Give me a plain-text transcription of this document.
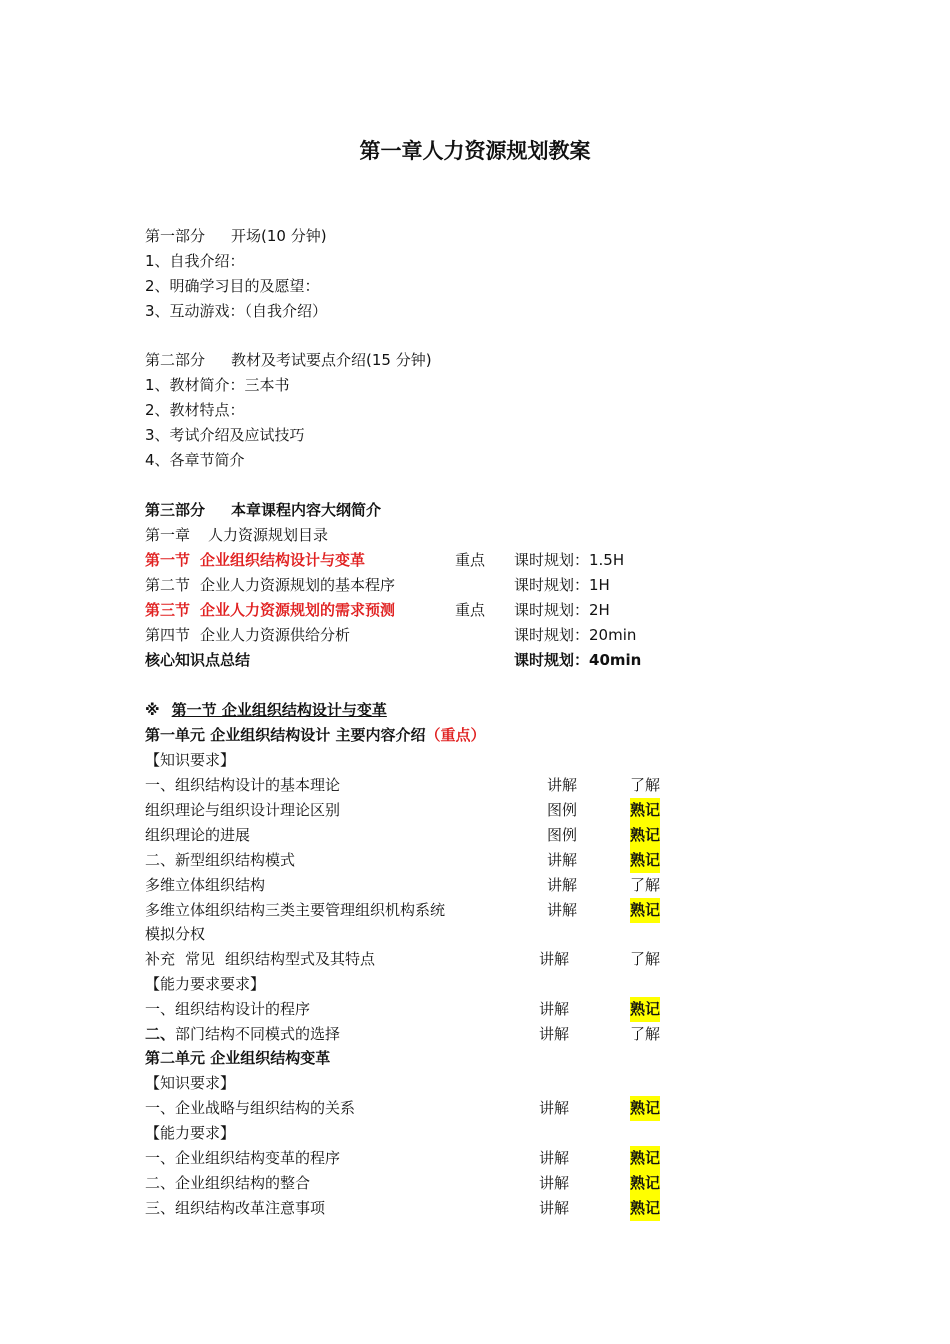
第一章人力资源规划教案
第一部分 开场(10 分钟)
1、自我介绍：
2、明确学习目的及愿望：
3、互动游戏：（自我介绍）
第二部分 教材及考试要点介绍(15 分钟)
1、教材简介：三本书
2、教材特点：
3、考试介绍及应试技巧
4、各章节简介
第三部分 本章课程内容大纲简介
第一章 人力资源规划目录
第一节 企业组织结构设计与变革	重点 课时规划：1.5H
第二节 企业人力资源规划的基本程序	课时规划：1H
第三节 企业人力资源规划的需求预测	重点 课时规划：2H
第四节 企业人力资源供给分析	课时规划：20min
核心知识点总结	课时规划：40min
※ 第一节 企业组织结构设计与变革
第一单元 企业组织结构设计 主要内容介绍（重点）
【知识要求】
一、组织结构设计的基本理论	讲解	了解
组织理论与组织设计理论区别	图例	熟记
组织理论的进展	图例	熟记
二、新型组织结构模式	讲解	熟记
多维立体组织结构	讲解	了解
多维立体组织结构三类主要管理组织机构系统	讲解	熟记
模拟分权
补充 常见 组织结构型式及其特点	讲解	了解
【能力要求要求】
一、组织结构设计的程序	讲解	熟记
二、部门结构不同模式的选择	讲解	了解
第二单元 企业组织结构变革
【知识要求】
一、企业战略与组织结构的关系	讲解	熟记
【能力要求】
一、企业组织结构变革的程序	讲解	熟记
二、企业组织结构的整合	讲解	熟记
三、组织结构改革注意事项	讲解	熟记
